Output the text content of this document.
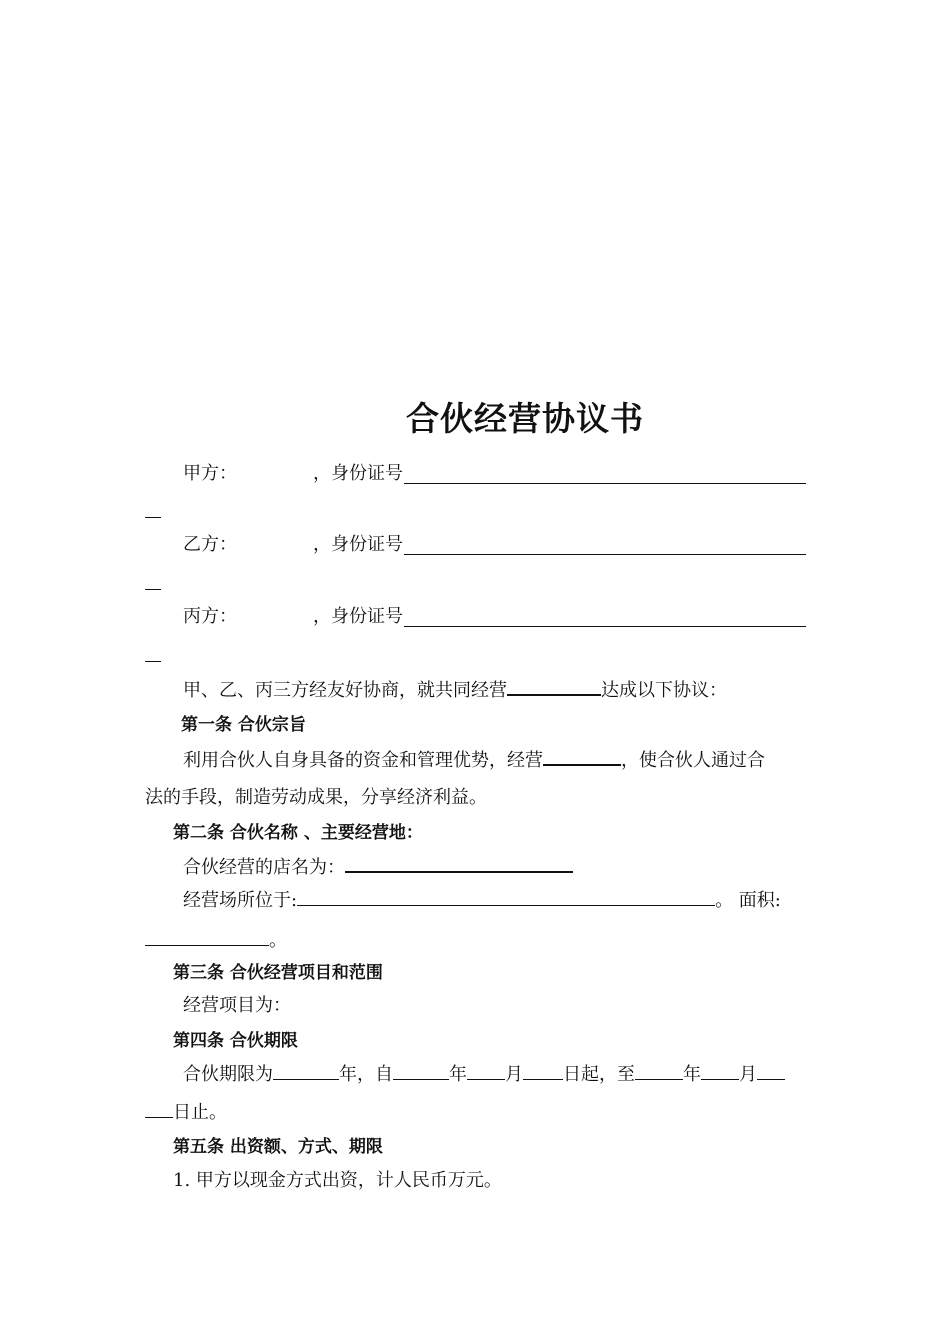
合伙经营协议书
甲方：	，身份证号
乙方：	，身份证号
丙方：	，身份证号
甲、乙、丙三方经友好协商，就共同经营	达成以下协议：
第一条 合伙宗旨
利用合伙人自身具备的资金和管理优势，经营	，使合伙人通过合
法的手段，制造劳动成果，分享经济利益。
第二条 合伙名称 、主要经营地：
合伙经营的店名为：
经营场所位于:	。 面积:
。
第三条 合伙经营项目和范围
经营项目为：
第四条 合伙期限
合伙期限为	年，自	年 月 日起，至	年 月
日止。
第五条 出资额、方式、期限
1. 甲方以现金方式出资，计人民币万元。
